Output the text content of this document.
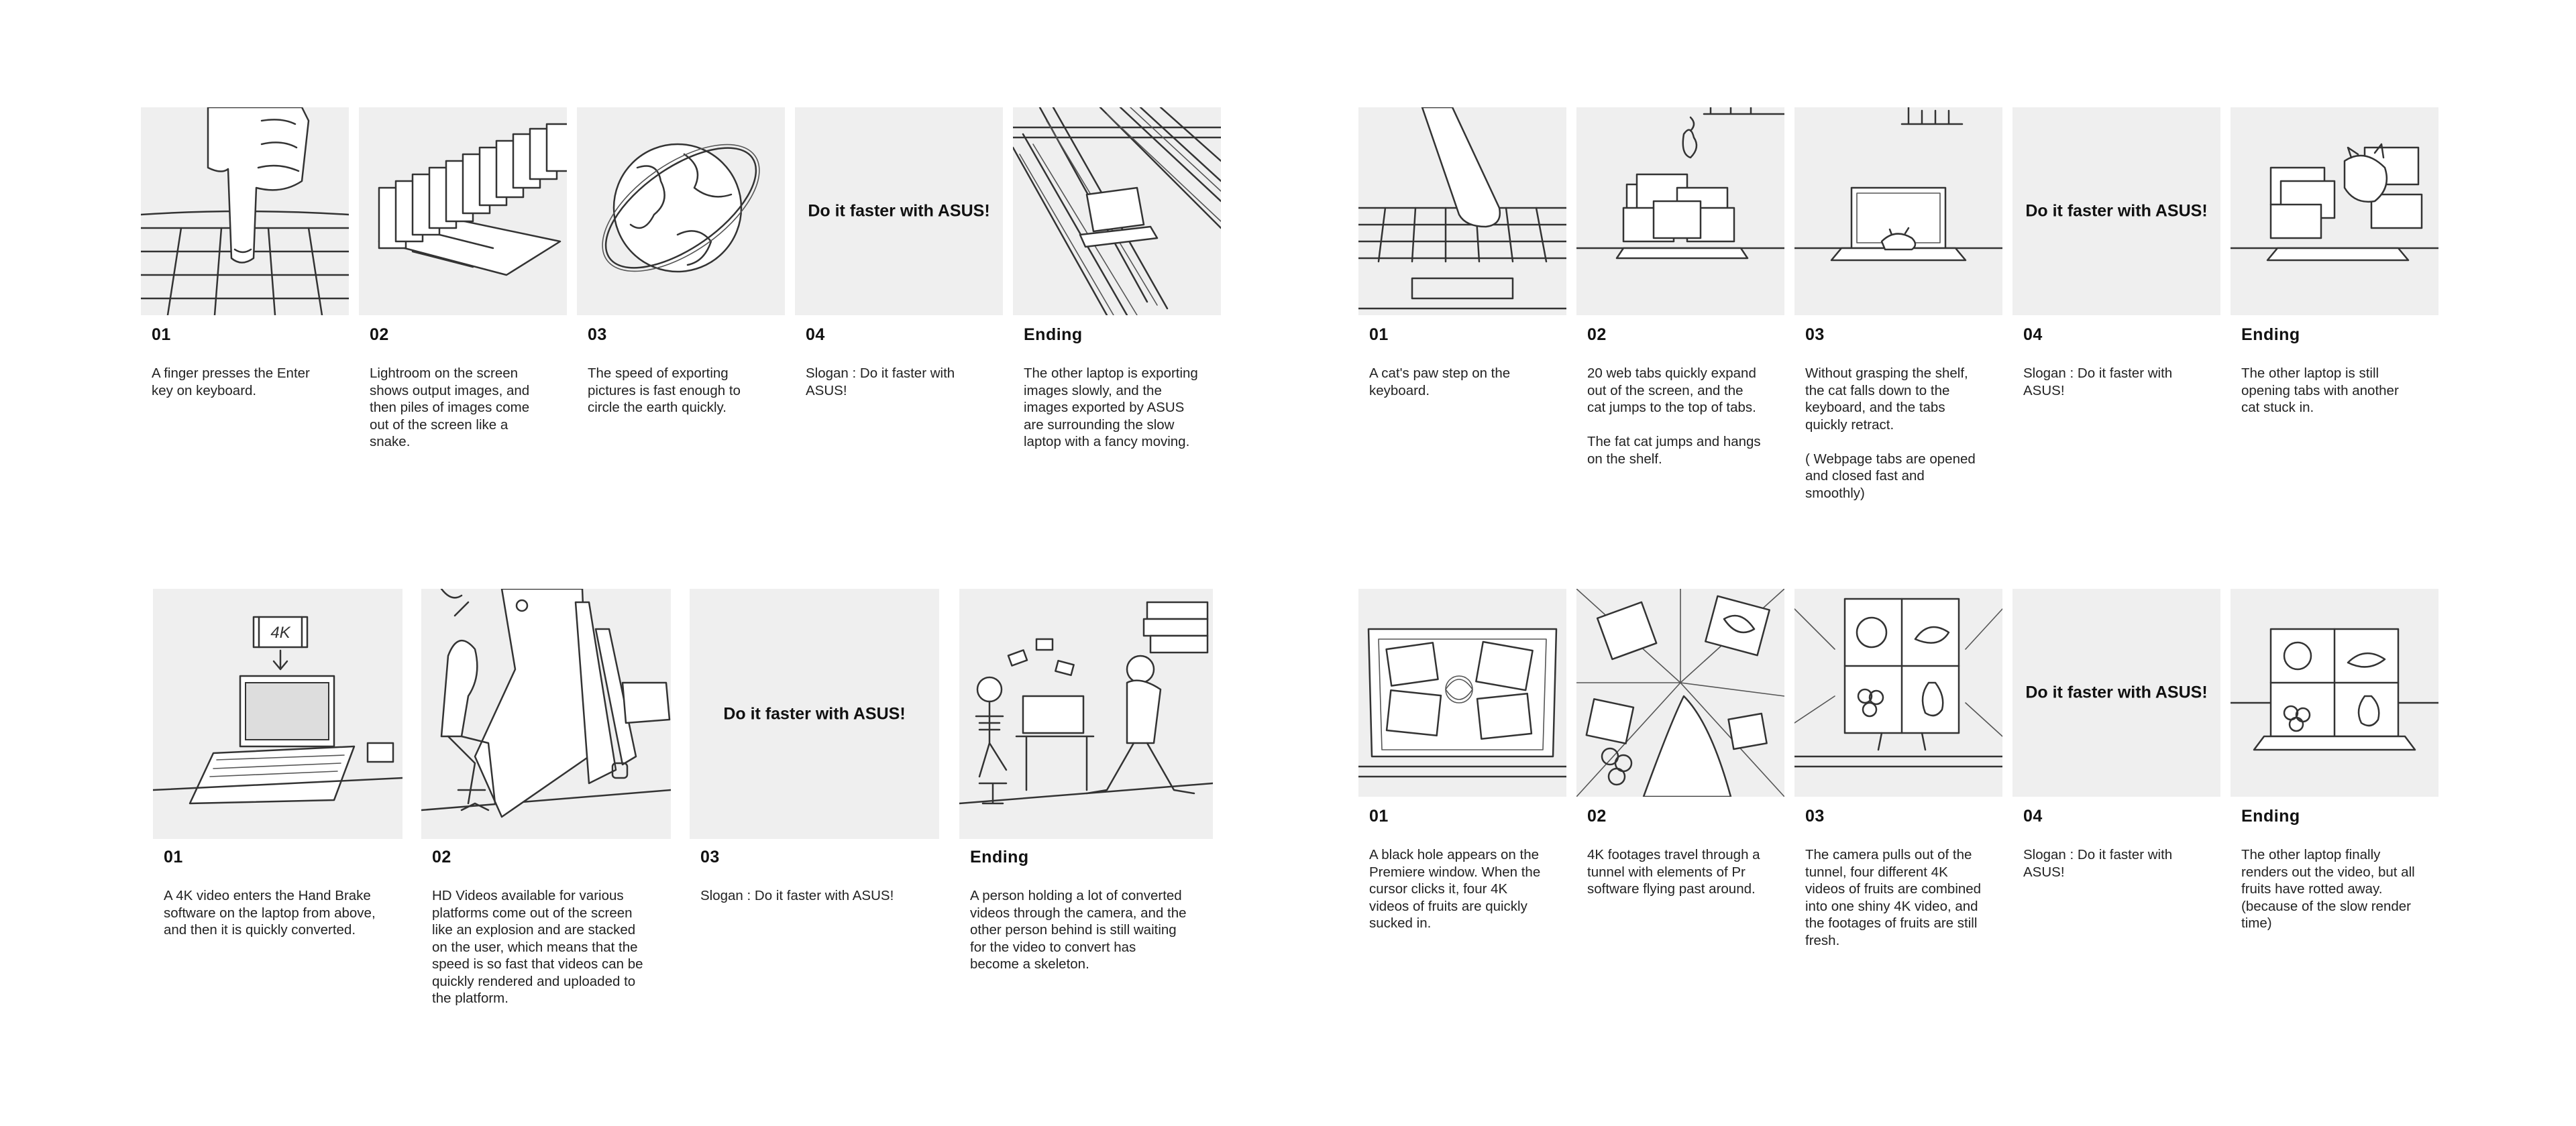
01
A finger presses the Enter
key on keyboard.
02
Lightroom on the screen
shows output images, and
then piles of images come
out of the screen like a
snake.
03
The speed of exporting
pictures is fast enough to
circle the earth quickly.
Do it faster with ASUS!
04
Slogan : Do it faster with
ASUS!
Ending
The other laptop is exporting
images slowly, and the
images exported by ASUS
are surrounding the slow
laptop with a fancy moving.
01
A cat's paw step on the
keyboard.
02
20 web tabs quickly expand
out of the screen, and the
cat jumps to the top of tabs.

The fat cat jumps and hangs
on the shelf.
03
Without grasping the shelf,
the cat falls down to the
keyboard, and the tabs
quickly retract.

( Webpage tabs are opened
and closed fast and
smoothly)
Do it faster with ASUS!
04
Slogan : Do it faster with
ASUS!
Ending
The other laptop is still
opening tabs with another
cat stuck in.
4K
01
A 4K video enters the Hand Brake
software on the laptop from above,
and then it is quickly converted.
02
HD Videos available for various
platforms come out of the screen
like an explosion and are stacked
on the user, which means that the
speed is so fast that videos can be
quickly rendered and uploaded to
the platform.
Do it faster with ASUS!
03
Slogan : Do it faster with ASUS!
Ending
A person holding a lot of converted
videos through the camera, and the
other person behind is still waiting
for the video to convert has
become a skeleton.
01
A black hole appears on the
Premiere window. When the
cursor clicks it, four 4K
videos of fruits are quickly
sucked in.
02
4K footages travel through a
tunnel with elements of Pr
software flying past around.
03
The camera pulls out of the
tunnel, four different 4K
videos of fruits are combined
into one shiny 4K video, and
the footages of fruits are still
fresh.
Do it faster with ASUS!
04
Slogan : Do it faster with
ASUS!
Ending
The other laptop finally
renders out the video, but all
fruits have rotted away.
(because of the slow render
time)
